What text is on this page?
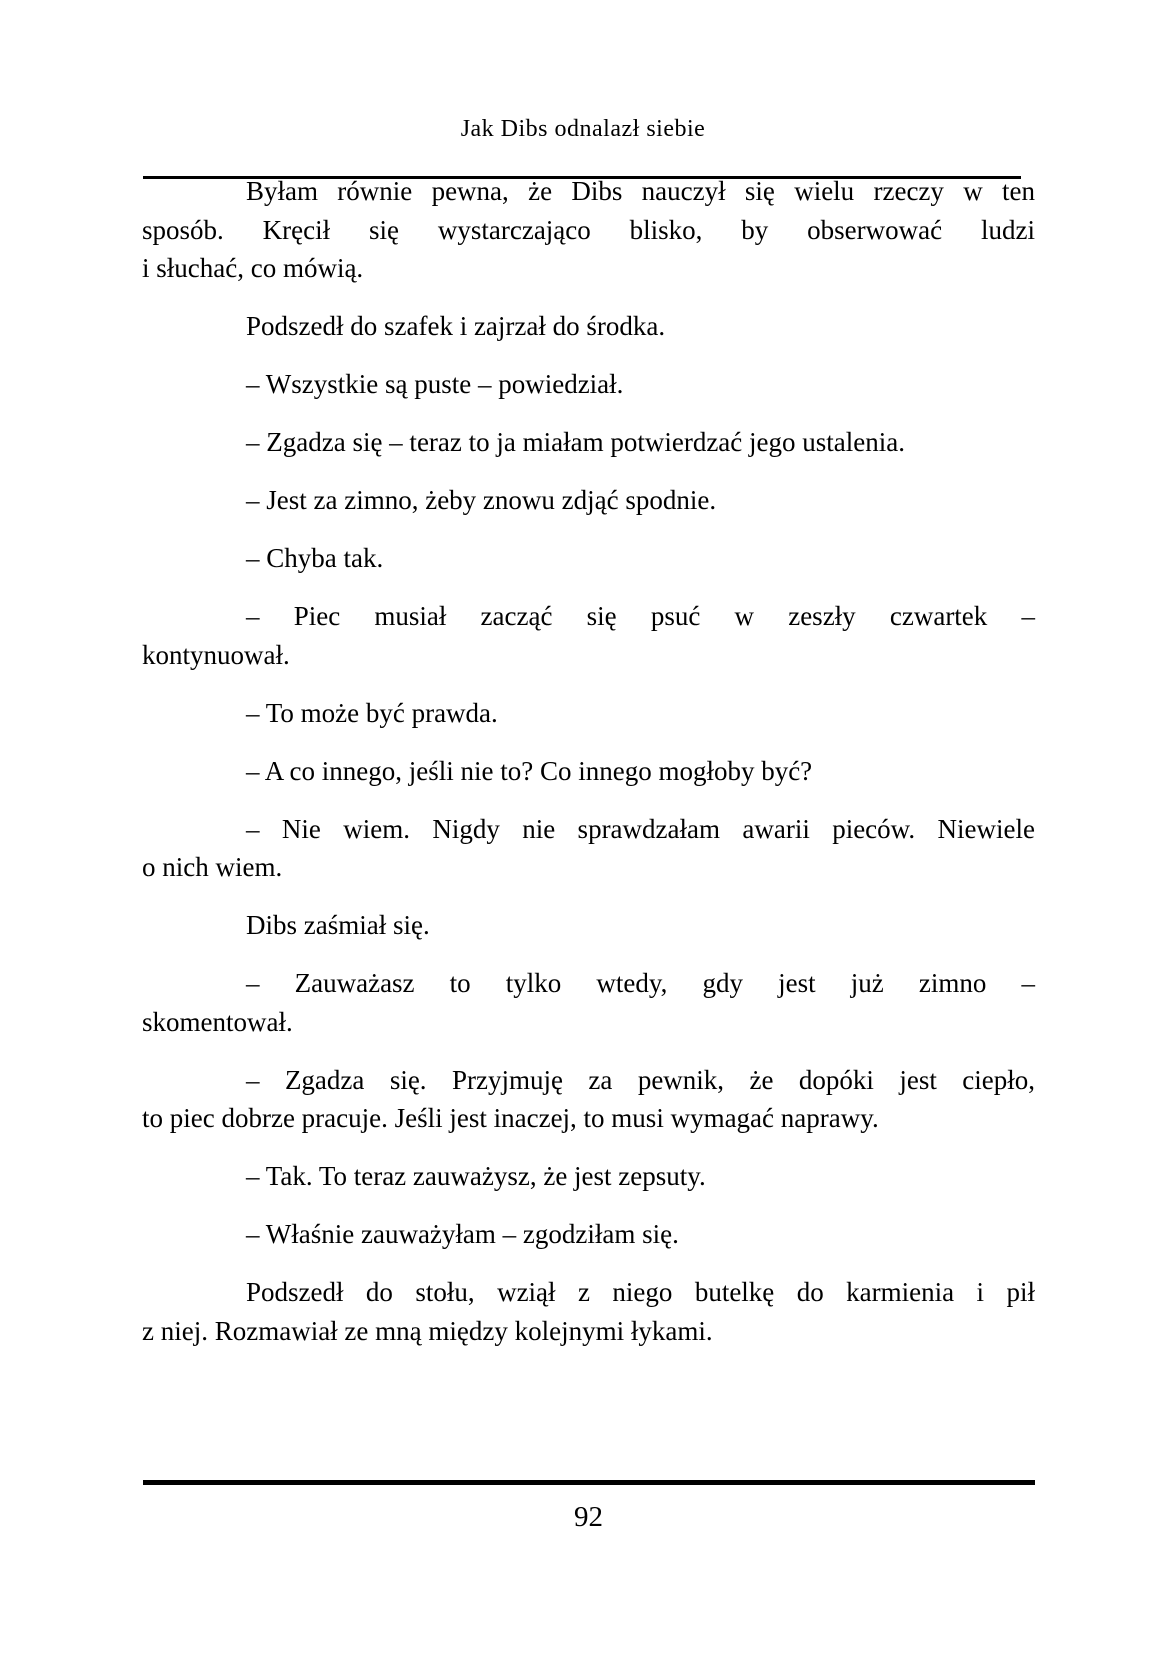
Jak Dibs odnalazł siebie

Byłam równie pewna, że Dibs nauczył się wielu rzeczy w ten
sposób. Kręcił się wystarczająco blisko, by obserwować ludzi
i słuchać, co mówią.

Podszedł do szafek i zajrzał do środka.

– Wszystkie są puste – powiedział.

– Zgadza się – teraz to ja miałam potwierdzać jego ustalenia.

– Jest za zimno, żeby znowu zdjąć spodnie.

– Chyba tak.

– Piec musiał zacząć się psuć w zeszły czwartek –
kontynuował.

– To może być prawda.

– A co innego, jeśli nie to? Co innego mogłoby być?

– Nie wiem. Nigdy nie sprawdzałam awarii pieców. Niewiele
o nich wiem.

Dibs zaśmiał się.

– Zauważasz to tylko wtedy, gdy jest już zimno –
skomentował.

– Zgadza się. Przyjmuję za pewnik, że dopóki jest ciepło,
to piec dobrze pracuje. Jeśli jest inaczej, to musi wymagać naprawy.

– Tak. To teraz zauważysz, że jest zepsuty.

– Właśnie zauważyłam – zgodziłam się.

Podszedł do stołu, wziął z niego butelkę do karmienia i pił
z niej. Rozmawiał ze mną między kolejnymi łykami.

92
